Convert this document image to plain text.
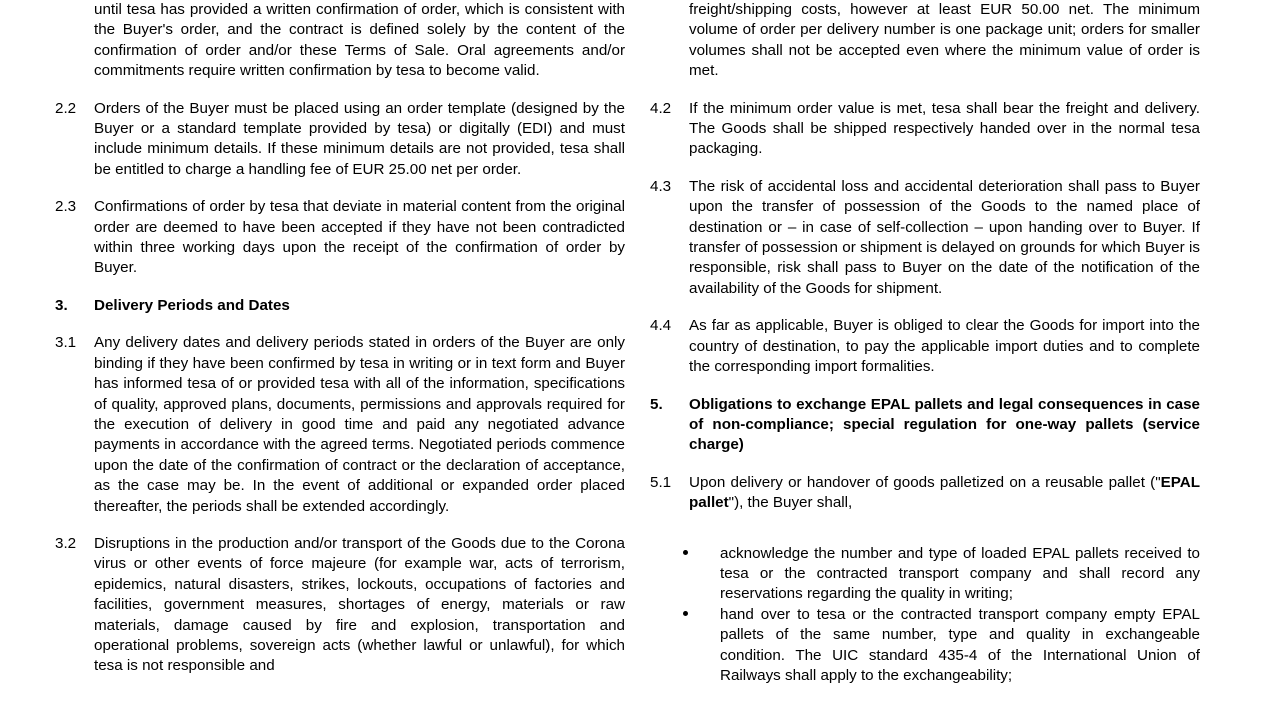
until tesa has provided a written confirmation of order, which is consistent with the Buyer's order, and the contract is defined solely by the content of the confirmation of order and/or these Terms of Sale. Oral agreements and/or commitments require written confirmation by tesa to become valid.
2.2	Orders of the Buyer must be placed using an order template (designed by the Buyer or a standard template provided by tesa) or digitally (EDI) and must include minimum details. If these minimum details are not provided, tesa shall be entitled to charge a handling fee of EUR 25.00 net per order.
2.3	Confirmations of order by tesa that deviate in material content from the original order are deemed to have been accepted if they have not been contradicted within three working days upon the receipt of the confirmation of order by Buyer.
3.	Delivery Periods and Dates
3.1	Any delivery dates and delivery periods stated in orders of the Buyer are only binding if they have been confirmed by tesa in writing or in text form and Buyer has informed tesa of or provided tesa with all of the information, specifications of quality, approved plans, documents, permissions and approvals required for the execution of delivery in good time and paid any negotiated advance payments in accordance with the agreed terms. Negotiated periods commence upon the date of the confirmation of contract or the declaration of acceptance, as the case may be. In the event of additional or expanded order placed thereafter, the periods shall be extended accordingly.
3.2	Disruptions in the production and/or transport of the Goods due to the Corona virus or other events of force majeure (for example war, acts of terrorism, epidemics, natural disasters, strikes, lockouts, occupations of factories and facilities, government measures, shortages of energy, materials or raw materials, damage caused by fire and explosion, transportation and operational problems, sovereign acts (whether lawful or unlawful), for which tesa is not responsible and
freight/shipping costs, however at least EUR 50.00 net. The minimum volume of order per delivery number is one package unit; orders for smaller volumes shall not be accepted even where the minimum value of order is met.
4.2	If the minimum order value is met, tesa shall bear the freight and delivery. The Goods shall be shipped respectively handed over in the normal tesa packaging.
4.3	The risk of accidental loss and accidental deterioration shall pass to Buyer upon the transfer of possession of the Goods to the named place of destination or – in case of self-collection – upon handing over to Buyer. If transfer of possession or shipment is delayed on grounds for which Buyer is responsible, risk shall pass to Buyer on the date of the notification of the availability of the Goods for shipment.
4.4	As far as applicable, Buyer is obliged to clear the Goods for import into the country of destination, to pay the applicable import duties and to complete the corresponding import formalities.
5.	Obligations to exchange EPAL pallets and legal consequences in case of non-compliance; special regulation for one-way pallets (service charge)
5.1	Upon delivery or handover of goods palletized on a reusable pallet ("EPAL pallet"), the Buyer shall,
acknowledge the number and type of loaded EPAL pallets received to tesa or the contracted transport company and shall record any reservations regarding the quality in writing;
hand over to tesa or the contracted transport company empty EPAL pallets of the same number, type and quality in exchangeable condition. The UIC standard 435-4 of the International Union of Railways shall apply to the exchangeability;
